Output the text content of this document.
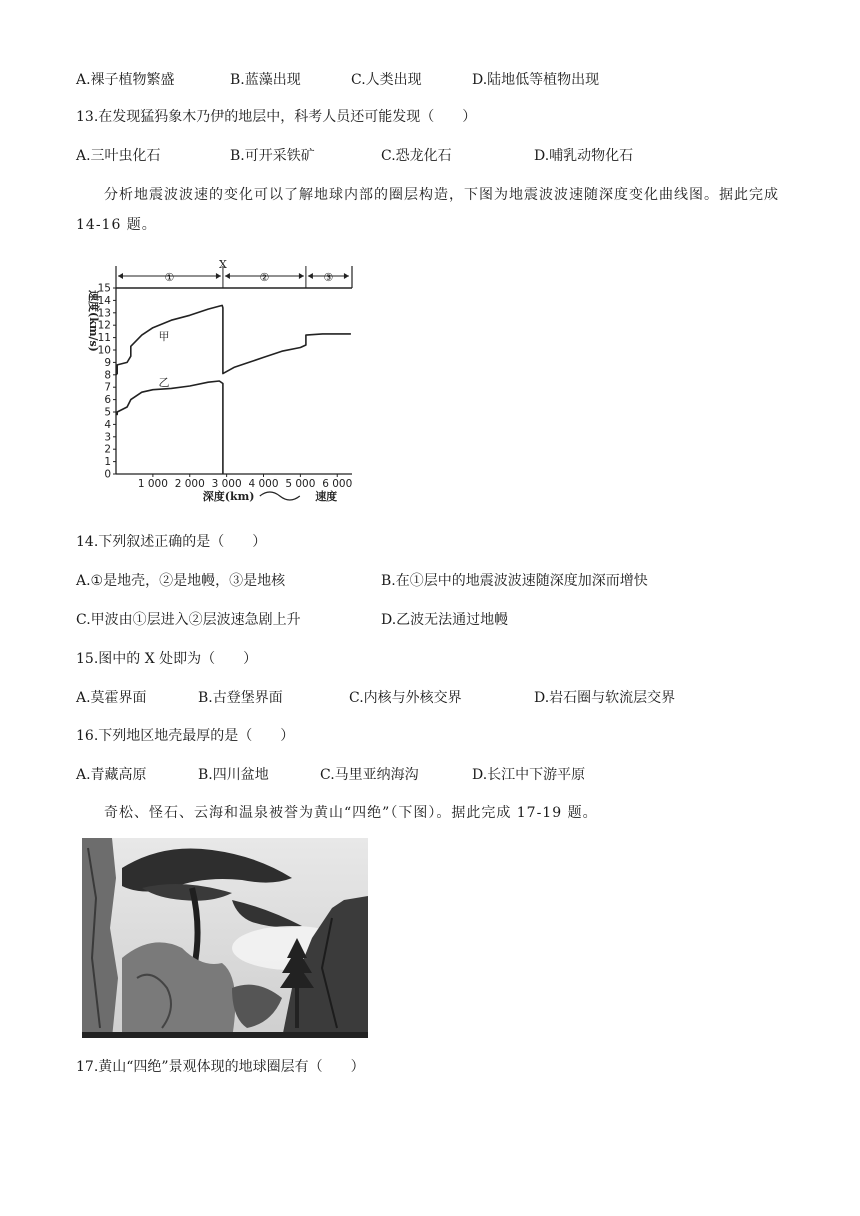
A.裸子植物繁盛	B.蓝藻出现	C.人类出现	D.陆地低等植物出现
13.在发现猛犸象木乃伊的地层中，科考人员还可能发现（　　）
A.三叶虫化石	B.可开采铁矿	C.恐龙化石	D.哺乳动物化石
分析地震波波速的变化可以了解地球内部的圈层构造，下图为地震波波速随深度变化曲线图。据此完成 14-16 题。
0
1
2
3
4
5
6
7
8
9
10
11
12
13
14
15
速度(km/s)
1 000 2 000 3 000 4 000 5 000 6 000
深度(km)	速度
甲
乙
①
X
②	③
14.下列叙述正确的是（　　）
A.①是地壳，②是地幔，③是地核	B.在①层中的地震波波速随深度加深而增快
C.甲波由①层进入②层波速急剧上升	D.乙波无法通过地幔
15.图中的 X 处即为（　　）
A.莫霍界面	B.古登堡界面	C.内核与外核交界	D.岩石圈与软流层交界
16.下列地区地壳最厚的是（　　）
A.青藏高原	B.四川盆地	C.马里亚纳海沟	D.长江中下游平原
奇松、怪石、云海和温泉被誉为黄山“四绝”（下图）。据此完成 17-19 题。
17.黄山“四绝”景观体现的地球圈层有（　　）
